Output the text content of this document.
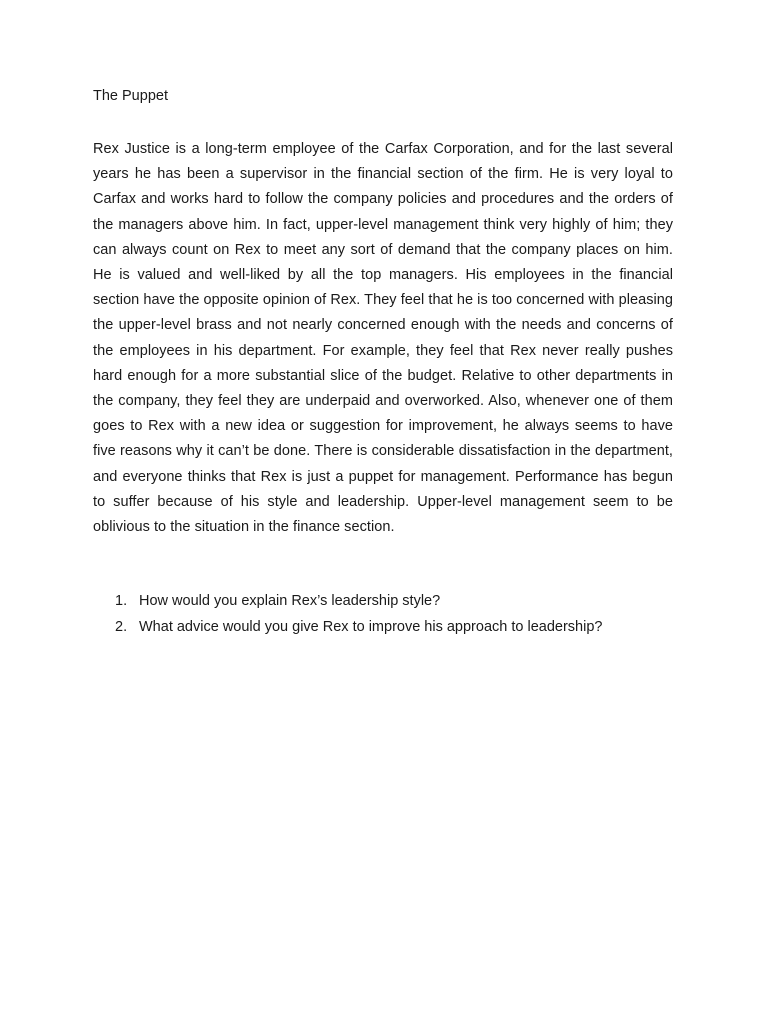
The Puppet

Rex Justice is a long-term employee of the Carfax Corporation, and for the last several years he has been a supervisor in the financial section of the firm. He is very loyal to Carfax and works hard to follow the company policies and procedures and the orders of the managers above him. In fact, upper-level management think very highly of him; they can always count on Rex to meet any sort of demand that the company places on him. He is valued and well-liked by all the top managers. His employees in the financial section have the opposite opinion of Rex. They feel that he is too concerned with pleasing the upper-level brass and not nearly concerned enough with the needs and concerns of the employees in his department. For example, they feel that Rex never really pushes hard enough for a more substantial slice of the budget. Relative to other departments in the company, they feel they are underpaid and overworked. Also, whenever one of them goes to Rex with a new idea or suggestion for improvement, he always seems to have five reasons why it can’t be done. There is considerable dissatisfaction in the department, and everyone thinks that Rex is just a puppet for management. Performance has begun to suffer because of his style and leadership. Upper-level management seem to be oblivious to the situation in the finance section.

1. How would you explain Rex’s leadership style?
2. What advice would you give Rex to improve his approach to leadership?
